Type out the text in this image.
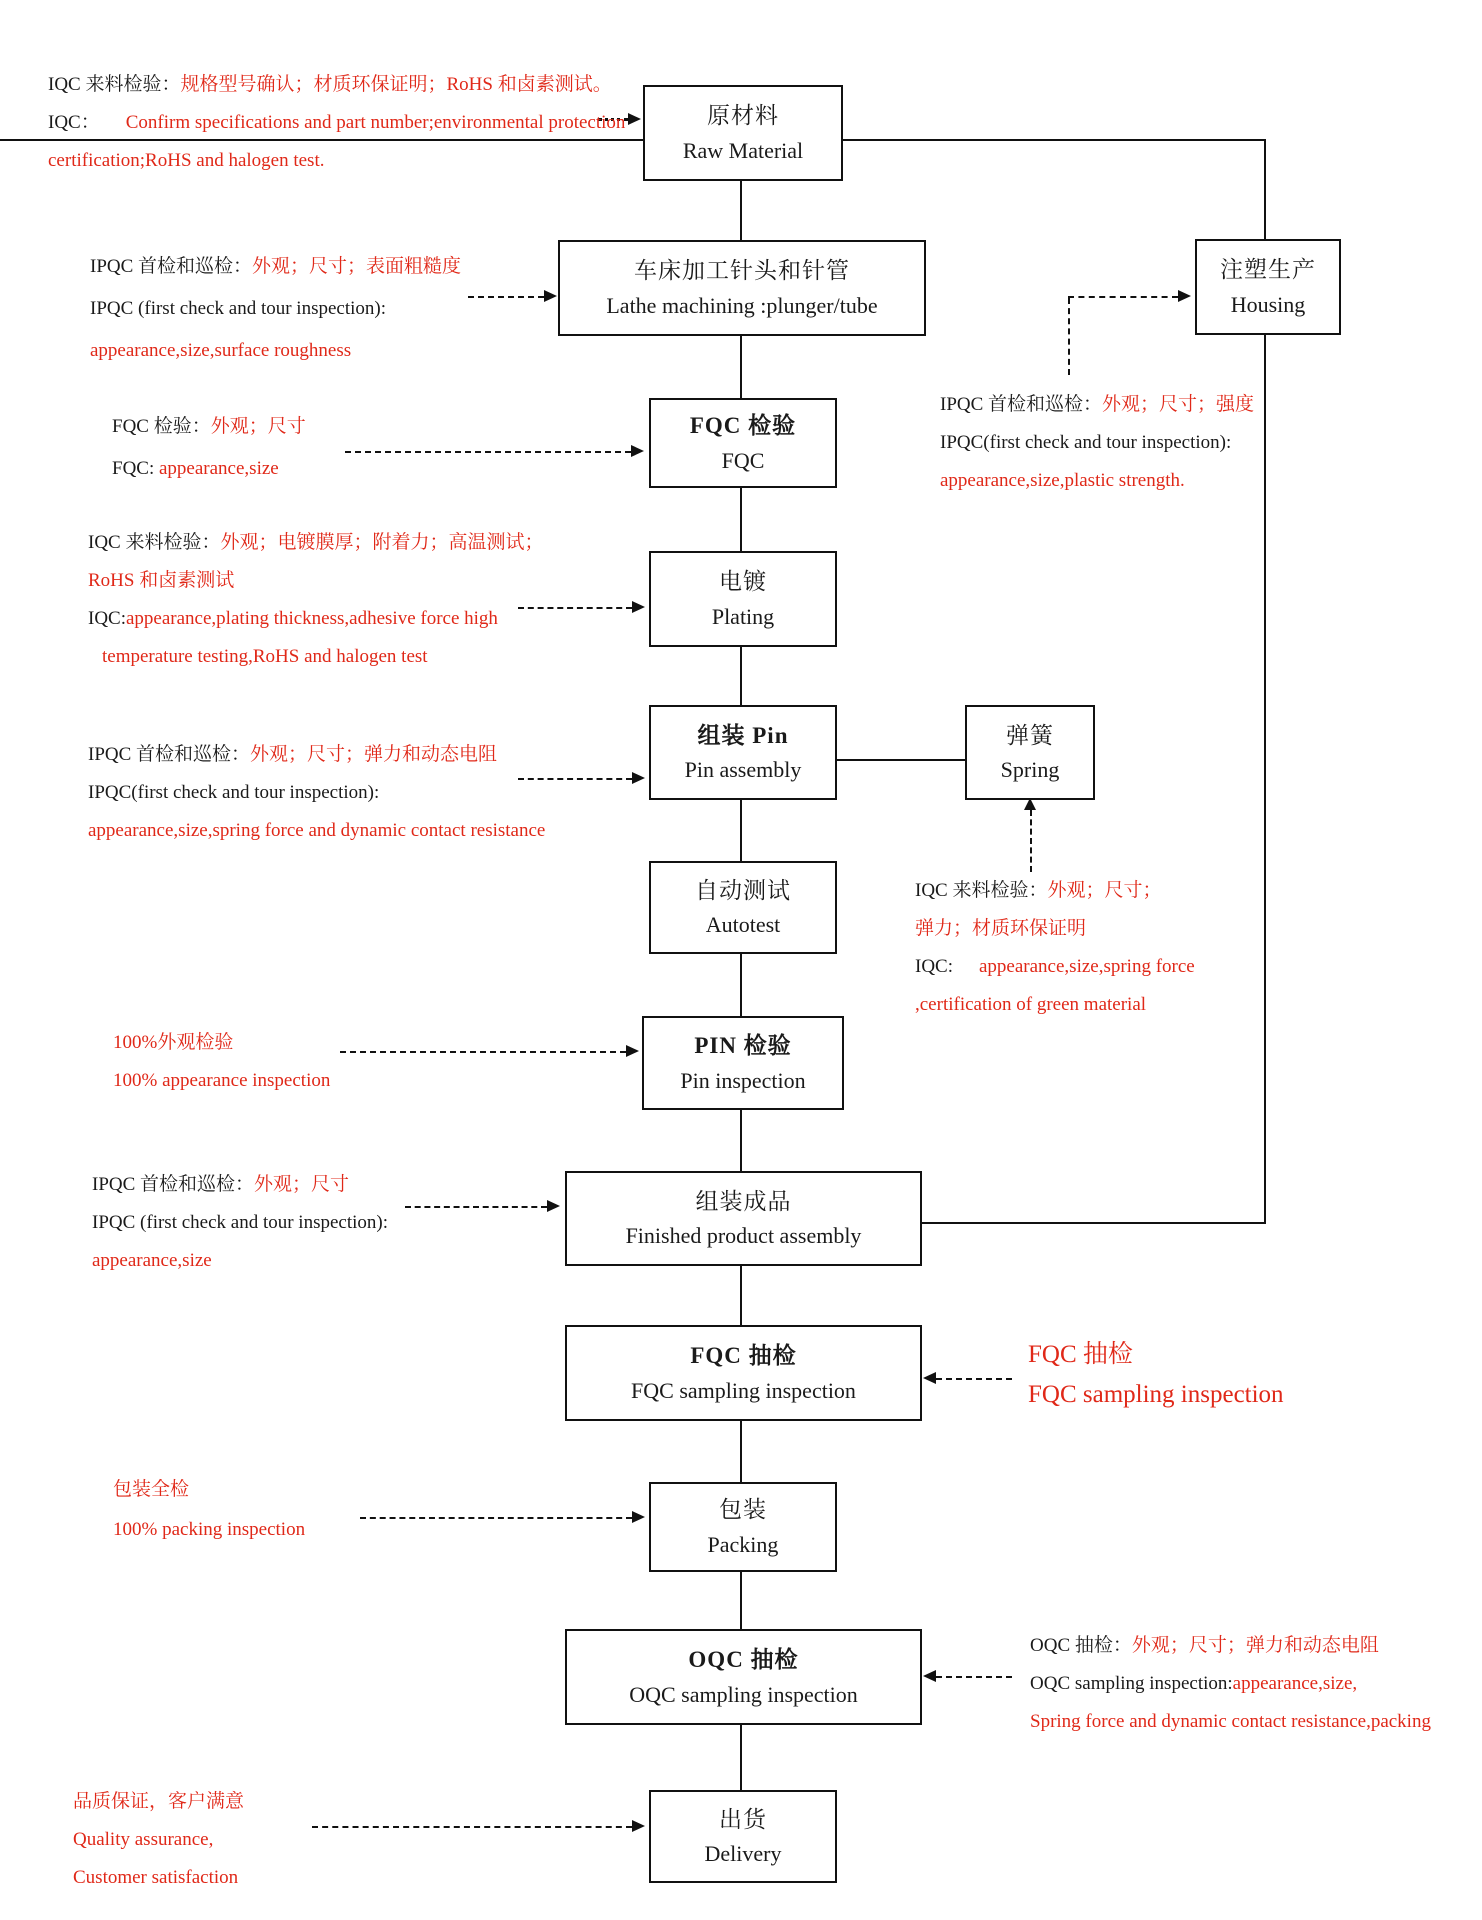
原材料
Raw Material
车床加工针头和针管
Lathe machining :plunger/tube
注塑生产
Housing
FQC 检验
FQC
电镀
Plating
组装 Pin
Pin assembly
弹簧
Spring
自动测试
Autotest
PIN 检验
Pin inspection
组装成品
Finished product assembly
FQC 抽检
FQC sampling inspection
包装
Packing
OQC 抽检
OQC sampling inspection
出货
Delivery
IQC 来料检验：规格型号确认；材质环保证明；RoHS 和卤素测试。
IQC： Confirm specifications and part number;environmental protection
certification;RoHS and halogen test.
IPQC 首检和巡检：外观；尺寸；表面粗糙度
IPQC (first check and tour inspection):
appearance,size,surface roughness
FQC 检验：外观；尺寸
FQC: appearance,size
IPQC 首检和巡检：外观；尺寸；强度
IPQC(first check and tour inspection):
appearance,size,plastic strength.
IQC 来料检验：外观；电镀膜厚；附着力；高温测试；
RoHS 和卤素测试
IQC:appearance,plating thickness,adhesive force high
temperature testing,RoHS and halogen test
IPQC 首检和巡检：外观；尺寸；弹力和动态电阻
IPQC(first check and tour inspection):
appearance,size,spring force and dynamic contact resistance
IQC 来料检验：外观；尺寸；
弹力；材质环保证明
IQC: appearance,size,spring force
,certification of green material
100%外观检验
100% appearance inspection
IPQC 首检和巡检：外观；尺寸
IPQC (first check and tour inspection):
appearance,size
FQC 抽检
FQC sampling inspection
包装全检
100% packing inspection
OQC 抽检：外观；尺寸；弹力和动态电阻
OQC sampling inspection:appearance,size,
Spring force and dynamic contact resistance,packing
品质保证，客户满意
Quality assurance,
Customer satisfaction
